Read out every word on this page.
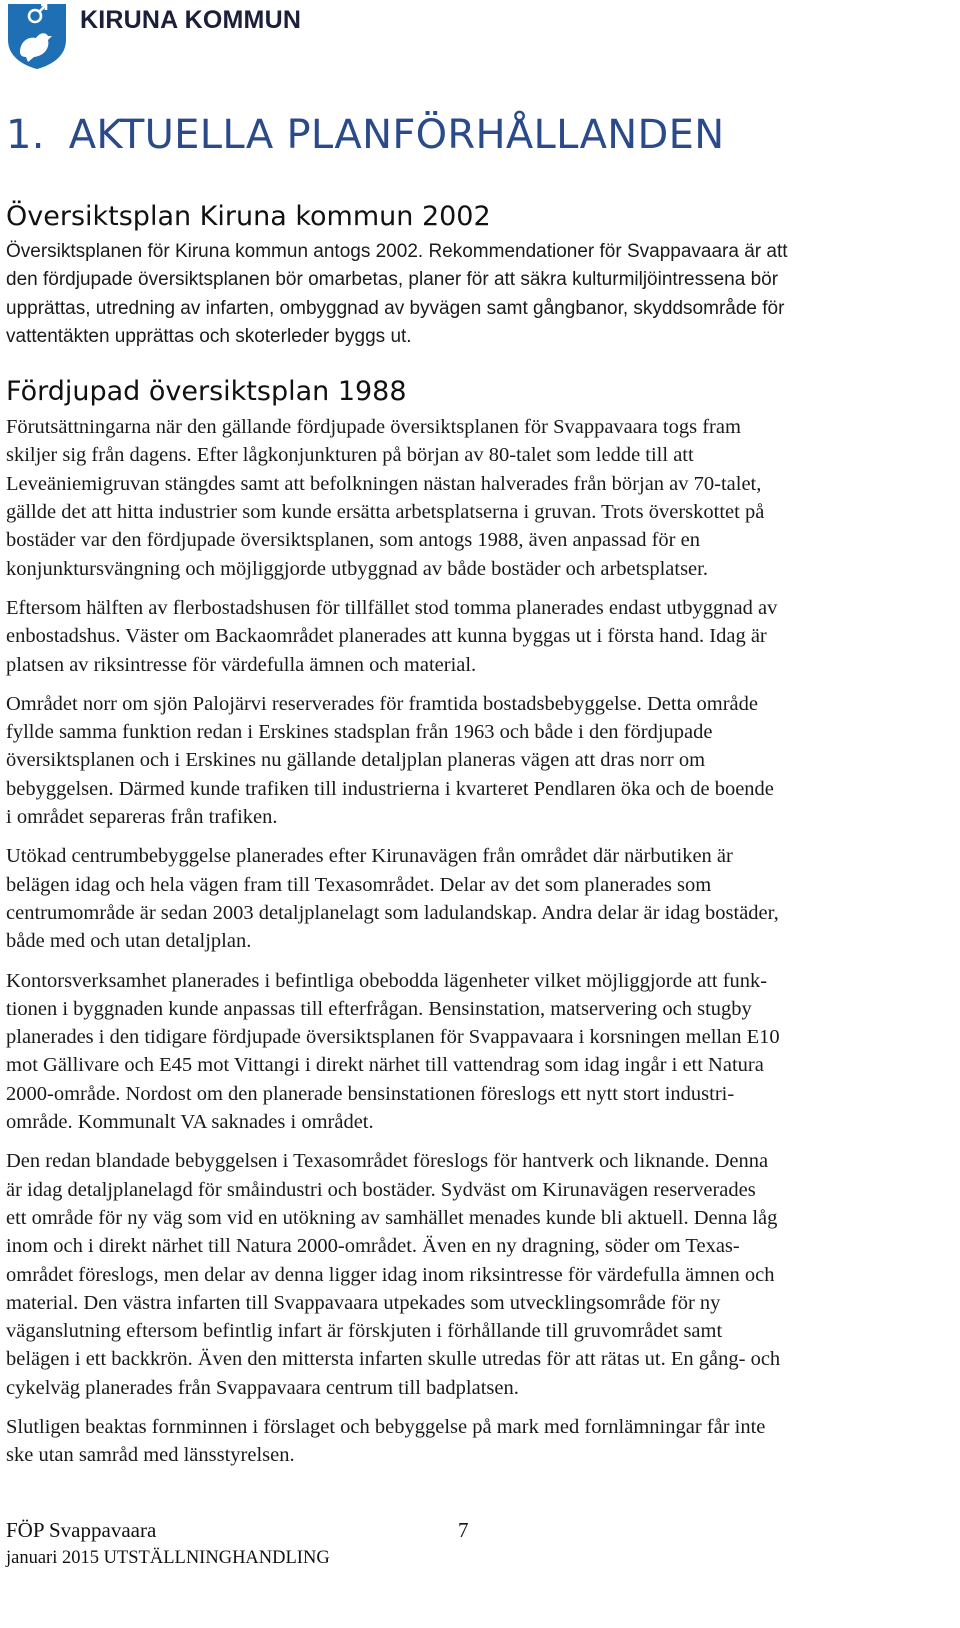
KIRUNA KOMMUN
1. AKTUELLA PLANFÖRHÅLLANDEN
Översiktsplan Kiruna kommun 2002

Översiktsplanen för Kiruna kommun antogs 2002. Rekommendationer för Svappavaara är att
den fördjupade översiktsplanen bör omarbetas, planer för att säkra kulturmiljöintressena bör
upprättas, utredning av infarten, ombyggnad av byvägen samt gångbanor, skyddsområde för
vattentäkten upprättas och skoterleder byggs ut.

Fördjupad översiktsplan 1988

Förutsättningarna när den gällande fördjupade översiktsplanen för Svappavaara togs fram
skiljer sig från dagens. Efter lågkonjunkturen på början av 80-talet som ledde till att
Leveäniemigruvan stängdes samt att befolkningen nästan halverades från början av 70-talet,
gällde det att hitta industrier som kunde ersätta arbetsplatserna i gruvan. Trots överskottet på
bostäder var den fördjupade översiktsplanen, som antogs 1988, även anpassad för en
konjunktursvängning och möjliggjorde utbyggnad av både bostäder och arbetsplatser.

Eftersom hälften av flerbostadshusen för tillfället stod tomma planerades endast utbyggnad av
enbostadshus. Väster om Backaområdet planerades att kunna byggas ut i första hand. Idag är
platsen av riksintresse för värdefulla ämnen och material.

Området norr om sjön Palojärvi reserverades för framtida bostadsbebyggelse. Detta område
fyllde samma funktion redan i Erskines stadsplan från 1963 och både i den fördjupade
översiktsplanen och i Erskines nu gällande detaljplan planeras vägen att dras norr om
bebyggelsen. Därmed kunde trafiken till industrierna i kvarteret Pendlaren öka och de boende
i området separeras från trafiken.

Utökad centrumbebyggelse planerades efter Kirunavägen från området där närbutiken är
belägen idag och hela vägen fram till Texasområdet. Delar av det som planerades som
centrumområde är sedan 2003 detaljplanelagt som ladulandskap. Andra delar är idag bostäder,
både med och utan detaljplan.

Kontorsverksamhet planerades i befintliga obebodda lägenheter vilket möjliggjorde att funk-
tionen i byggnaden kunde anpassas till efterfrågan. Bensinstation, matservering och stugby
planerades i den tidigare fördjupade översiktsplanen för Svappavaara i korsningen mellan E10
mot Gällivare och E45 mot Vittangi i direkt närhet till vattendrag som idag ingår i ett Natura
2000-område. Nordost om den planerade bensinstationen föreslogs ett nytt stort industri-
område. Kommunalt VA saknades i området.

Den redan blandade bebyggelsen i Texasområdet föreslogs för hantverk och liknande. Denna
är idag detaljplanelagd för småindustri och bostäder. Sydväst om Kirunavägen reserverades
ett område för ny väg som vid en utökning av samhället menades kunde bli aktuell. Denna låg
inom och i direkt närhet till Natura 2000-området. Även en ny dragning, söder om Texas-
området föreslogs, men delar av denna ligger idag inom riksintresse för värdefulla ämnen och
material. Den västra infarten till Svappavaara utpekades som utvecklingsområde för ny
väganslutning eftersom befintlig infart är förskjuten i förhållande till gruvområdet samt
belägen i ett backkrön. Även den mittersta infarten skulle utredas för att rätas ut. En gång- och
cykelväg planerades från Svappavaara centrum till badplatsen.

Slutligen beaktas fornminnen i förslaget och bebyggelse på mark med fornlämningar får inte
ske utan samråd med länsstyrelsen.

FÖP Svappavaara	7
januari 2015 UTSTÄLLNINGHANDLING
